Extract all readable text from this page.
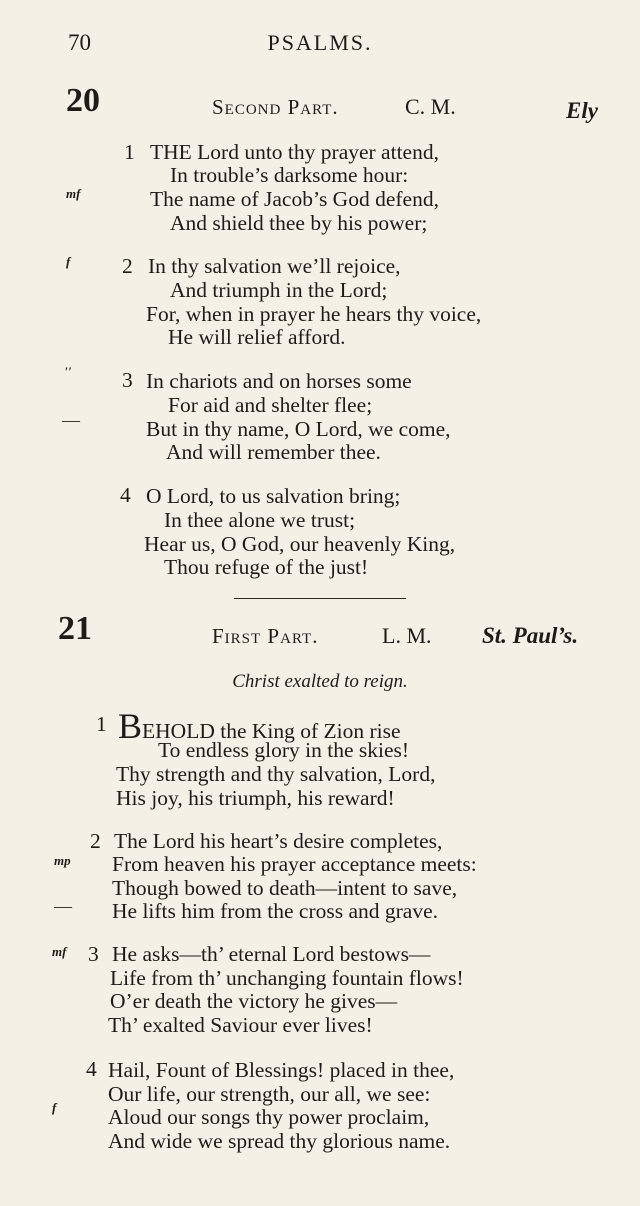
70	PSALMS.
20	Second Part.	C. M.	Ely
1 THE Lord unto thy prayer attend,
In trouble’s darksome hour:
The name of Jacob’s God defend,
And shield thee by his power;
mf
2 In thy salvation we’ll rejoice,
And triumph in the Lord;
For, when in prayer he hears thy voice,
He will relief afford.
f
3 In chariots and on horses some
For aid and shelter flee;
But in thy name, O Lord, we come,
And will remember thee.
''
—
4 O Lord, to us salvation bring;
In thee alone we trust;
Hear us, O God, our heavenly King,
Thou refuge of the just!
21	First Part.	L. M. St. Paul’s.
Christ exalted to reign.
1 BEHOLD the King of Zion rise
To endless glory in the skies!
Thy strength and thy salvation, Lord,
His joy, his triumph, his reward!
2 The Lord his heart’s desire completes,
From heaven his prayer acceptance meets:
Though bowed to death—intent to save,
He lifts him from the cross and grave.
mp
—
3 He asks—th’ eternal Lord bestows—
Life from th’ unchanging fountain flows!
O’er death the victory he gives—
Th’ exalted Saviour ever lives!
mf
4 Hail, Fount of Blessings! placed in thee,
Our life, our strength, our all, we see:
Aloud our songs thy power proclaim,
And wide we spread thy glorious name.
f
